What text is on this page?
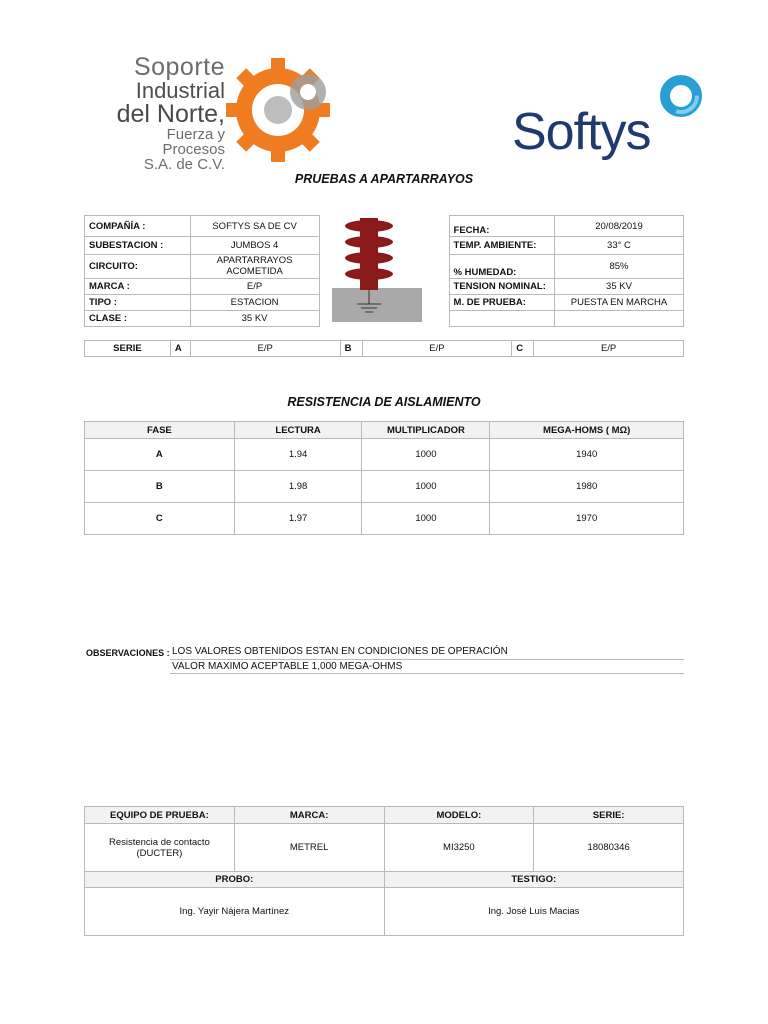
Soporte
Industrial
del Norte,
Fuerza y Procesos
S.A. de C.V.
Softys
PRUEBAS A APARTARRAYOS
COMPAÑÍA :	SOFTYS SA DE CV		FECHA:	20/08/2019
SUBESTACION :	JUMBOS 4		TEMP. AMBIENTE:	33° C
CIRCUITO:	APARTARRAYOS ACOMETIDA		% HUMEDAD:	85%
MARCA :	E/P		TENSION NOMINAL:	35 KV
TIPO :	ESTACION		M. DE PRUEBA:	PUESTA EN MARCHA
CLASE :	35 KV			
SERIE	A	E/P	B	E/P	C	E/P
RESISTENCIA DE AISLAMIENTO
FASE	LECTURA	MULTIPLICADOR	MEGA-HOMS ( MΩ)
A	1.94	1000	1940
B	1.98	1000	1980
C	1.97	1000	1970
OBSERVACIONES : LOS VALORES OBTENIDOS ESTAN EN CONDICIONES DE OPERACIÓN
VALOR MAXIMO ACEPTABLE 1,000 MEGA-OHMS
EQUIPO DE PRUEBA:	MARCA:	MODELO:	SERIE:
Resistencia de contacto (DUCTER)	METREL	MI3250	18080346
PROBO:		TESTIGO:	
Ing. Yayir Nájera Martínez		Ing. José Luis Macias	
